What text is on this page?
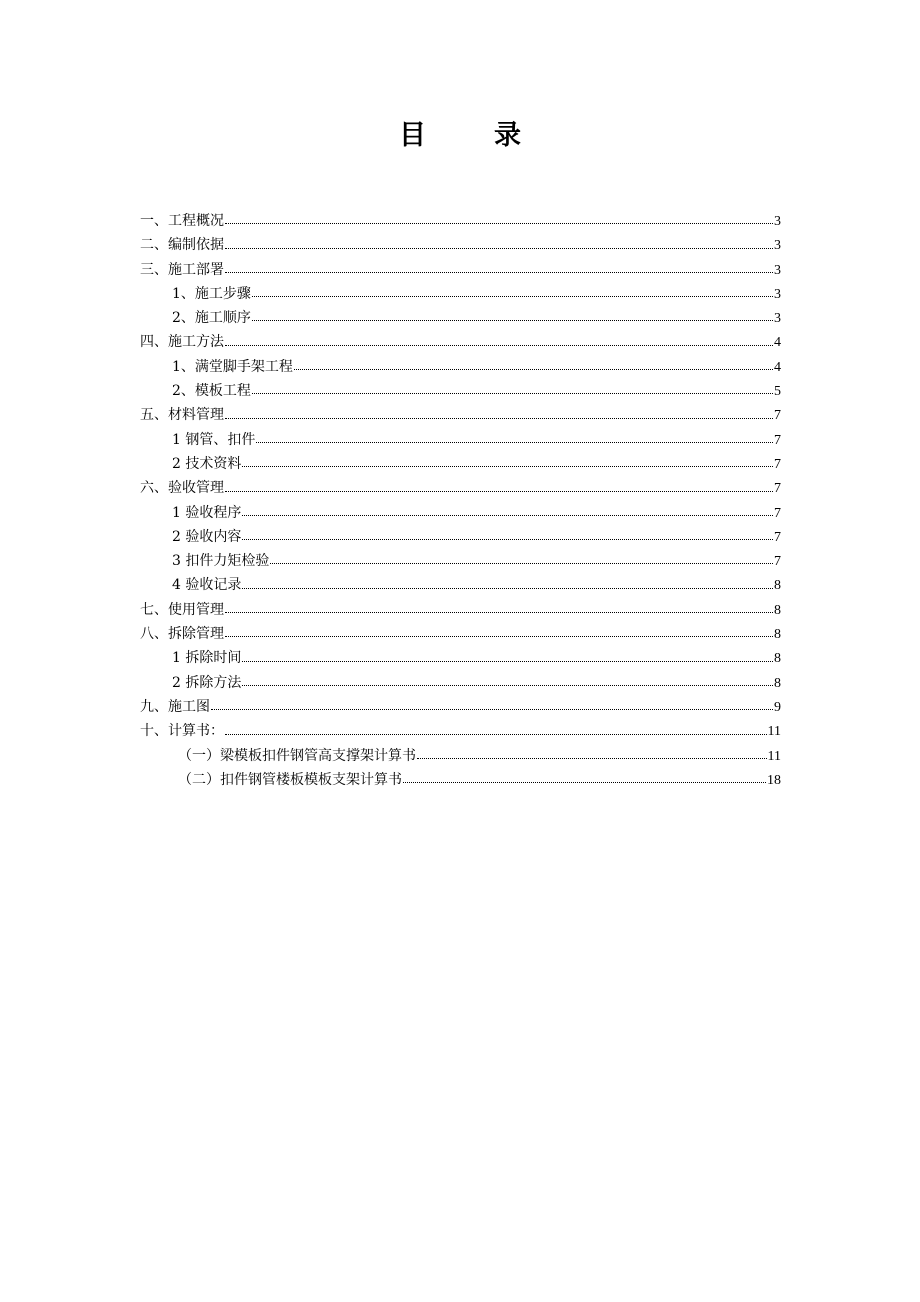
目	录
一、工程概况	3
二、编制依据	3
三、施工部署	3
1、施工步骤	3
2、施工顺序	3
四、施工方法	4
1、满堂脚手架工程	4
2、模板工程	5
五、材料管理	7
1 钢管、扣件	7
2 技术资料	7
六、验收管理	7
1 验收程序	7
2 验收内容	7
3 扣件力矩检验	7
4 验收记录	8
七、使用管理	8
八、拆除管理	8
1 拆除时间	8
2 拆除方法	8
九、施工图	9
十、计算书：	11
（一）梁模板扣件钢管高支撑架计算书	11
（二）扣件钢管楼板模板支架计算书	18
